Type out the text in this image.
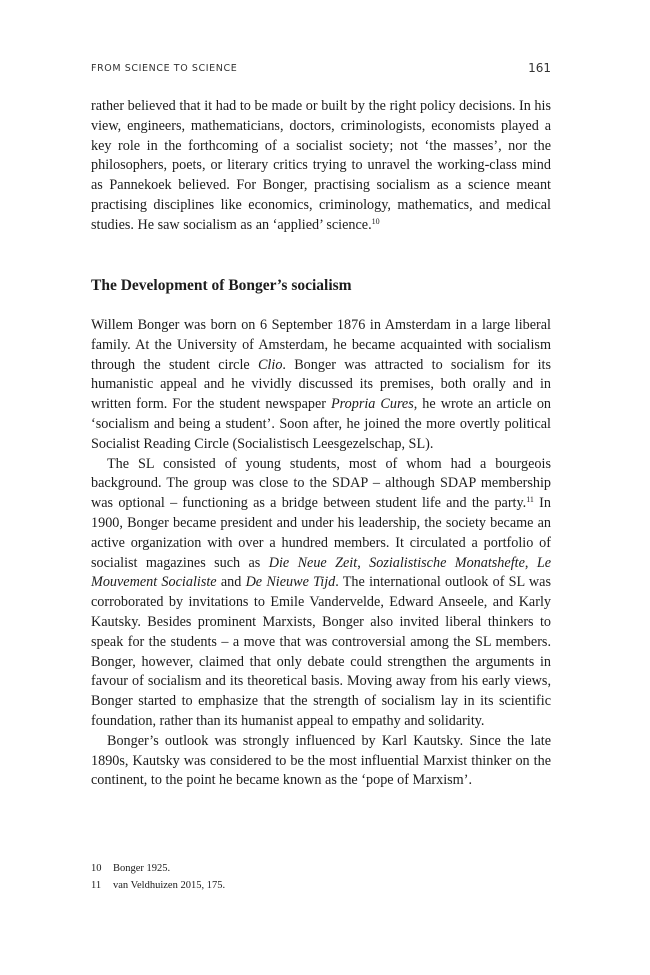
FROM SCIENCE TO SCIENCE	161

rather believed that it had to be made or built by the right policy decisions. In his view, engineers, mathematicians, doctors, criminologists, economists played a key role in the forthcoming of a socialist society; not ‘the masses’, nor the philosophers, poets, or literary critics trying to unravel the working-class mind as Pannekoek believed. For Bonger, practising socialism as a science meant practising disciplines like economics, criminology, mathematics, and medical studies. He saw socialism as an ‘applied’ science.$^{10}$

The Development of Bonger’s socialism

Willem Bonger was born on 6 September 1876 in Amsterdam in a large liberal family. At the University of Amsterdam, he became acquainted with socialism through the student circle Clio. Bonger was attracted to socialism for its humanistic appeal and he vividly discussed its premises, both orally and in written form. For the student newspaper Propria Cures, he wrote an article on ‘socialism and being a student’. Soon after, he joined the more overtly political Socialist Reading Circle (Socialistisch Leesgezelschap, SL).

The SL consisted of young students, most of whom had a bourgeois background. The group was close to the SDAP – although SDAP membership was optional – functioning as a bridge between student life and the party.$^{11}$ In 1900, Bonger became president and under his leadership, the society became an active organization with over a hundred members. It circulated a portfolio of socialist magazines such as Die Neue Zeit, Sozialistische Monatshefte, Le Mouvement Socialiste and De Nieuwe Tijd. The international outlook of SL was corroborated by invitations to Emile Vandervelde, Edward Anseele, and Karly Kautsky. Besides prominent Marxists, Bonger also invited liberal thinkers to speak for the students – a move that was controversial among the SL members. Bonger, however, claimed that only debate could strengthen the arguments in favour of socialism and its theoretical basis. Moving away from his early views, Bonger started to emphasize that the strength of socialism lay in its scientific foundation, rather than its humanist appeal to empathy and solidarity.

Bonger’s outlook was strongly influenced by Karl Kautsky. Since the late 1890s, Kautsky was considered to be the most influential Marxist thinker on the continent, to the point he became known as the ‘pope of Marxism’.

10 Bonger 1925.
11 van Veldhuizen 2015, 175.
